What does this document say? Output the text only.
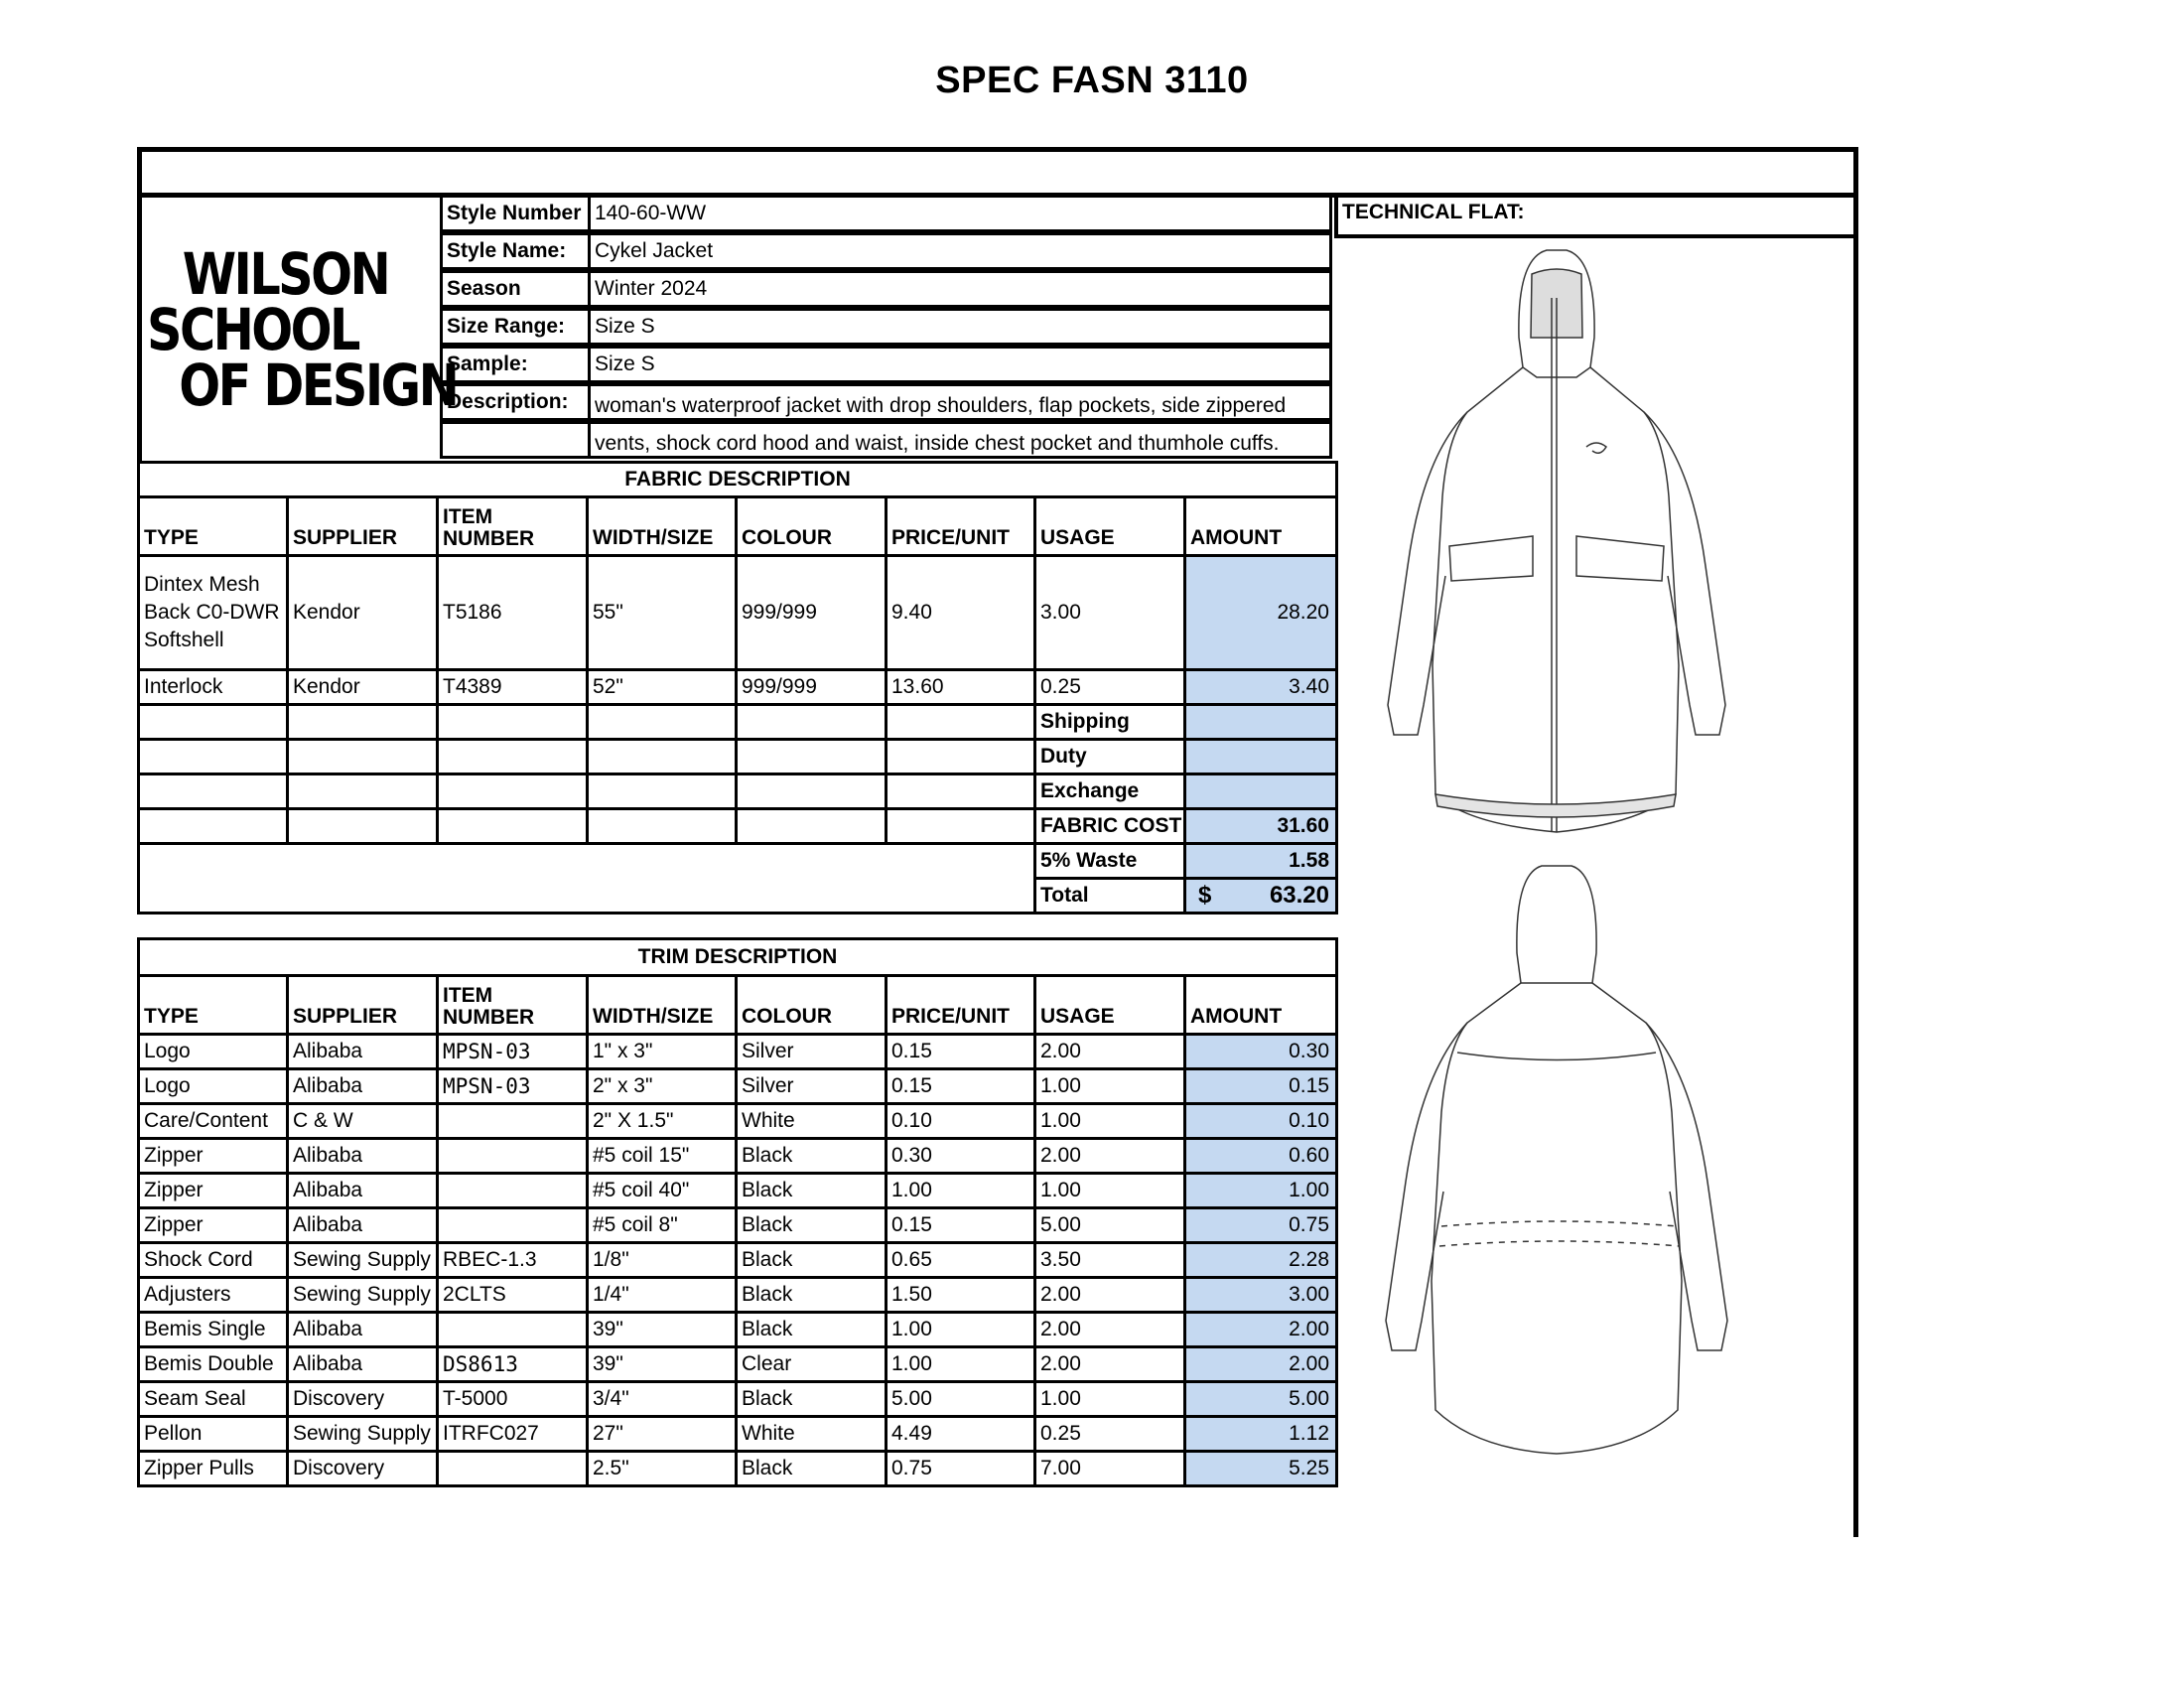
SPEC FASN 3110
TECHNICAL FLAT:
WILSON
SCHOOL
OF DESIGN
Style Number 140-60-WW
Style Name:	Cykel Jacket
Season	Winter 2024
Size Range:	Size S
Sample:	Size S
Description:	woman's waterproof jacket with drop shoulders, flap pockets, side zippered
vents, shock cord hood and waist, inside chest pocket and thumhole cuffs.
FABRIC DESCRIPTION
TYPE	SUPPLIER	ITEM NUMBER	WIDTH/SIZE	COLOUR	PRICE/UNIT	USAGE	AMOUNT
Dintex Mesh Back C0-DWR Softshell	Kendor	T5186	55"	999/999	9.40	3.00	28.20
Interlock	Kendor	T4389	52"	999/999	13.60	0.25	3.40
						Shipping	
						Duty	
						Exchange	
						FABRIC COST	31.60
						5% Waste	1.58
						Total	$ 63.20
TRIM DESCRIPTION
TYPE	SUPPLIER	ITEM NUMBER	WIDTH/SIZE	COLOUR	PRICE/UNIT	USAGE	AMOUNT
Logo	Alibaba	MPSN-03	1" x 3"	Silver	0.15	2.00	0.30
Logo	Alibaba	MPSN-03	2" x 3"	Silver	0.15	1.00	0.15
Care/Content	C & W		2" X 1.5"	White	0.10	1.00	0.10
Zipper	Alibaba		#5 coil 15"	Black	0.30	2.00	0.60
Zipper	Alibaba		#5 coil 40"	Black	1.00	1.00	1.00
Zipper	Alibaba		#5 coil 8"	Black	0.15	5.00	0.75
Shock Cord	Sewing Supply	RBEC-1.3	1/8"	Black	0.65	3.50	2.28
Adjusters	Sewing Supply	2CLTS	1/4"	Black	1.50	2.00	3.00
Bemis Single	Alibaba		39"	Black	1.00	2.00	2.00
Bemis Double	Alibaba	DS8613	39"	Clear	1.00	2.00	2.00
Seam Seal	Discovery	T-5000	3/4"	Black	5.00	1.00	5.00
Pellon	Sewing Supply	ITRFC027	27"	White	4.49	0.25	1.12
Zipper Pulls	Discovery		2.5"	Black	0.75	7.00	5.25
